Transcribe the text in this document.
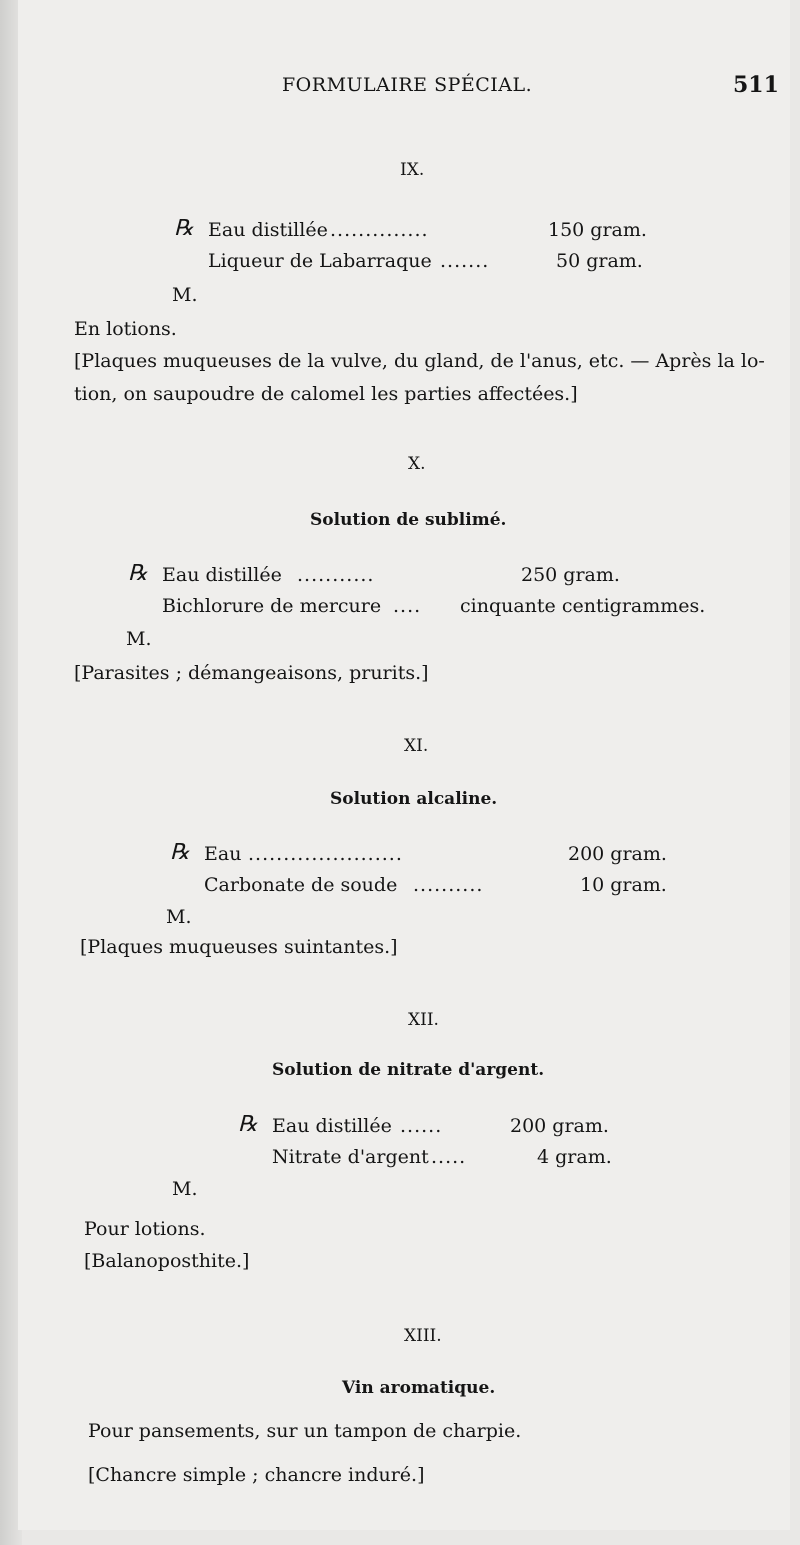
FORMULAIRE SPÉCIAL.	511
IX.
℞ Eau distillée ..............	150 gram.
Liqueur de Labarraque .......	50 gram.
M.
En lotions.
[Plaques muqueuses de la vulve, du gland, de l'anus, etc. — Après la lo-
tion, on saupoudre de calomel les parties affectées.]
X.
Solution de sublimé.
℞ Eau distillée ...........	250 gram.
Bichlorure de mercure .... cinquante centigrammes.
M.
[Parasites ; démangeaisons, prurits.]
XI.
Solution alcaline.
℞ Eau ......................	200 gram.
Carbonate de soude ..........	10 gram.
M.
[Plaques muqueuses suintantes.]
XII.
Solution de nitrate d'argent.
℞ Eau distillée ......	200 gram.
Nitrate d'argent .....	4 gram.
M.
Pour lotions.
[Balanoposthite.]
XIII.
Vin aromatique.
Pour pansements, sur un tampon de charpie.
[Chancre simple ; chancre induré.]
